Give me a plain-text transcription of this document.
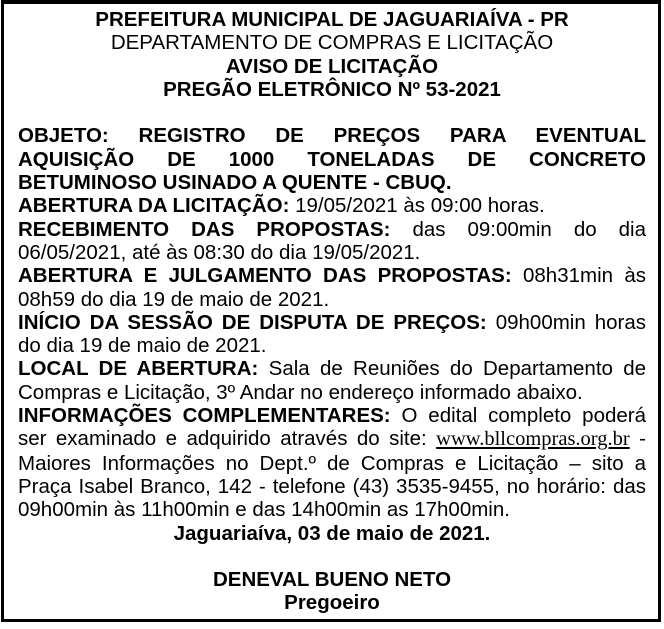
PREFEITURA MUNICIPAL DE JAGUARIAÍVA - PR
DEPARTAMENTO DE COMPRAS E LICITAÇÃO
AVISO DE LICITAÇÃO
PREGÃO ELETRÔNICO Nº 53-2021

OBJETO: REGISTRO DE PREÇOS PARA EVENTUAL AQUISIÇÃO DE 1000 TONELADAS DE CONCRETO BETUMINOSO USINADO A QUENTE - CBUQ.

ABERTURA DA LICITAÇÃO: 19/05/2021 às 09:00 horas.

RECEBIMENTO DAS PROPOSTAS: das 09:00min do dia 06/05/2021, até às 08:30 do dia 19/05/2021.

ABERTURA E JULGAMENTO DAS PROPOSTAS: 08h31min às 08h59 do dia 19 de maio de 2021.

INÍCIO DA SESSÃO DE DISPUTA DE PREÇOS: 09h00min horas do dia 19 de maio de 2021.

LOCAL DE ABERTURA: Sala de Reuniões do Departamento de Compras e Licitação, 3º Andar no endereço informado abaixo.

INFORMAÇÕES COMPLEMENTARES: O edital completo poderá ser examinado e adquirido através do site: www.bllcompras.org.br - Maiores Informações no Dept.º de Compras e Licitação – sito a Praça Isabel Branco, 142 - telefone (43) 3535-9455, no horário: das 09h00min às 11h00min e das 14h00min as 17h00min.

Jaguariaíva, 03 de maio de 2021.
DENEVAL BUENO NETO
Pregoeiro
